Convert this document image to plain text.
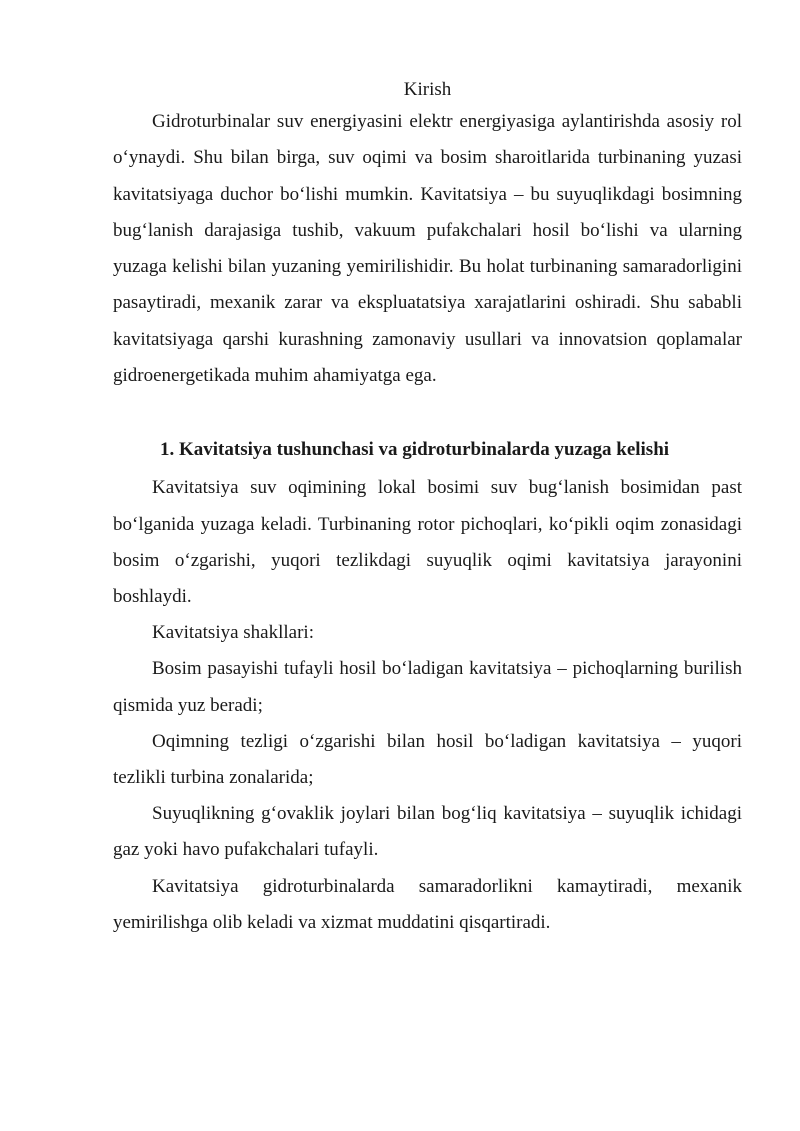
Kirish

Gidroturbinalar suv energiyasini elektr energiyasiga aylantirishda asosiy rol o‘ynaydi. Shu bilan birga, suv oqimi va bosim sharoitlarida turbinaning yuzasi kavitatsiyaga duchor bo‘lishi mumkin. Kavitatsiya – bu suyuqlikdagi bosimning bug‘lanish darajasiga tushib, vakuum pufakchalari hosil bo‘lishi va ularning yuzaga kelishi bilan yuzaning yemirilishidir. Bu holat turbinaning samaradorligini pasaytiradi, mexanik zarar va ekspluatatsiya xarajatlarini oshiradi. Shu sababli kavitatsiyaga qarshi kurashning zamonaviy usullari va innovatsion qoplamalar gidroenergetikada muhim ahamiyatga ega.

1. Kavitatsiya tushunchasi va gidroturbinalarda yuzaga kelishi

Kavitatsiya suv oqimining lokal bosimi suv bug‘lanish bosimidan past bo‘lganida yuzaga keladi. Turbinaning rotor pichoqlari, ko‘pikli oqim zonasidagi bosim o‘zgarishi, yuqori tezlikdagi suyuqlik oqimi kavitatsiya jarayonini boshlaydi.

Kavitatsiya shakllari:

Bosim pasayishi tufayli hosil bo‘ladigan kavitatsiya – pichoqlarning burilish qismida yuz beradi;

Oqimning tezligi o‘zgarishi bilan hosil bo‘ladigan kavitatsiya – yuqori tezlikli turbina zonalarida;

Suyuqlikning g‘ovaklik joylari bilan bog‘liq kavitatsiya – suyuqlik ichidagi gaz yoki havo pufakchalari tufayli.

Kavitatsiya gidroturbinalarda samaradorlikni kamaytiradi, mexanik yemirilishga olib keladi va xizmat muddatini qisqartiradi.
